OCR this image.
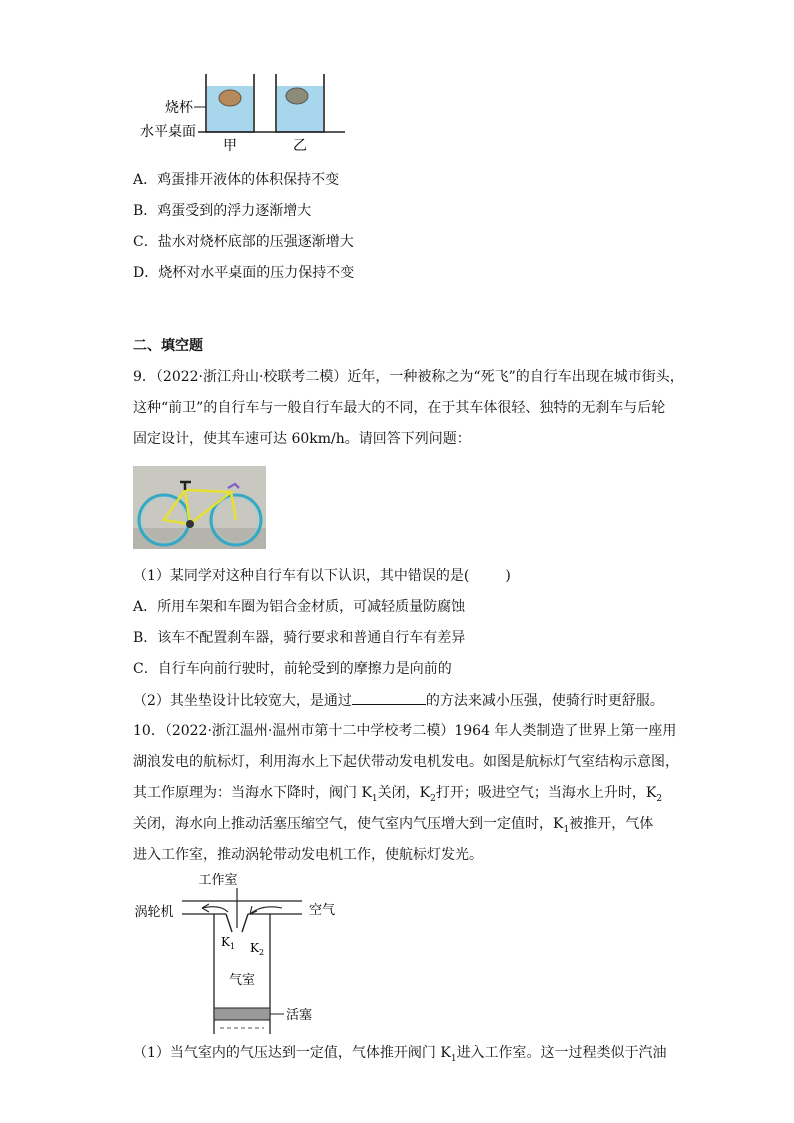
烧杯
水平桌面
甲	乙
A．鸡蛋排开液体的体积保持不变
B．鸡蛋受到的浮力逐渐增大
C．盐水对烧杯底部的压强逐渐增大
D．烧杯对水平桌面的压力保持不变
二、填空题
9．（2022·浙江舟山·校联考二模）近年，一种被称之为“死飞”的自行车出现在城市街头，
这种“前卫”的自行车与一般自行车最大的不同，在于其车体很轻、独特的无刹车与后轮
固定设计，使其车速可达 60km/h。请回答下列问题：
（1）某同学对这种自行车有以下认识，其中错误的是(	)
A．所用车架和车圈为铝合金材质，可减轻质量防腐蚀
B．该车不配置刹车器，骑行要求和普通自行车有差异
C．自行车向前行驶时，前轮受到的摩擦力是向前的
（2）其坐垫设计比较宽大，是通过	的方法来减小压强，使骑行时更舒服。
10．（2022·浙江温州·温州市第十二中学校考二模）1964 年人类制造了世界上第一座用
湖浪发电的航标灯，利用海水上下起伏带动发电机发电。如图是航标灯气室结构示意图，
其工作原理为：当海水下降时，阀门 $K_1$关闭，$K_2$打开；吸进空气；当海水上升时，$K_2$
关闭，海水向上推动活塞压缩空气，使气室内气压增大到一定值时，$K_1$被推开，气体
进入工作室，推动涡轮带动发电机工作，使航标灯发光。
工作室
涡轮机	空气
$K_1$ $K_2$
气室
活塞
（1）当气室内的气压达到一定值，气体推开阀门 $K_1$进入工作室。这一过程类似于汽油
